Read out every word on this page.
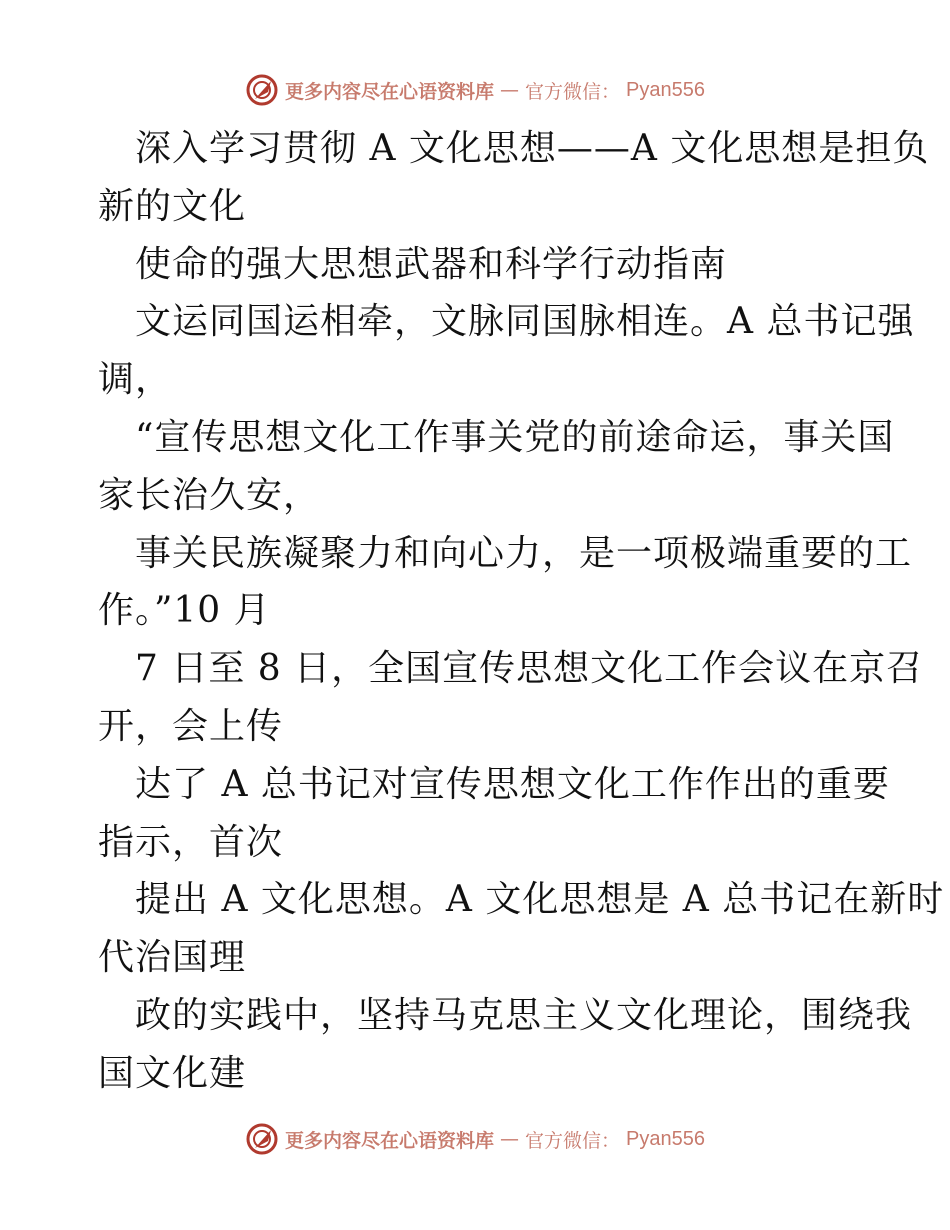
更多内容尽在心语资料库 — 官方微信： Pyan556
深入学习贯彻 A 文化思想——A 文化思想是担负
新的文化
使命的强大思想武器和科学行动指南
文运同国运相牵，文脉同国脉相连。A 总书记强
调，
“宣传思想文化工作事关党的前途命运，事关国
家长治久安，
事关民族凝聚力和向心力，是一项极端重要的工
作。”10 月
7 日至 8 日，全国宣传思想文化工作会议在京召
开，会上传
达了 A 总书记对宣传思想文化工作作出的重要
指示，首次
提出 A 文化思想。A 文化思想是 A 总书记在新时
代治国理
政的实践中，坚持马克思主义文化理论，围绕我
国文化建
更多内容尽在心语资料库 — 官方微信： Pyan556
